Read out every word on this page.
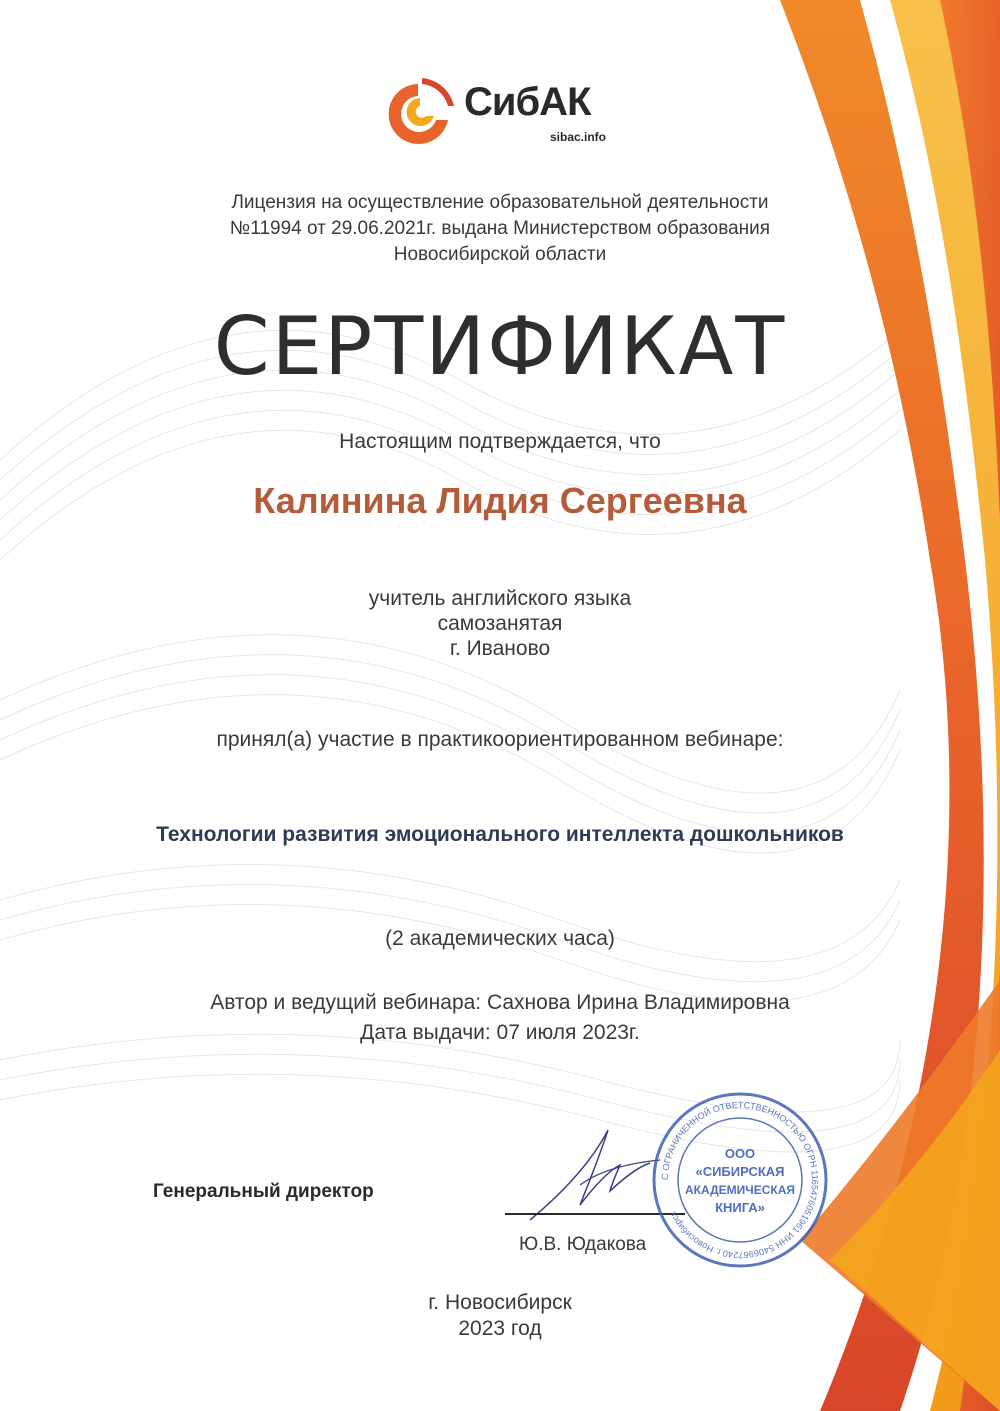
СибАК
sibac.info
Лицензия на осуществление образовательной деятельности
№11994 от 29.06.2021г. выдана Министерством образования
Новосибирской области
СЕРТИФИКАТ
Настоящим подтверждается, что
Калинина Лидия Сергеевна
учитель английского языка
самозанятая
г. Иваново
принял(а) участие в практикоориентированном вебинаре:
Технологии развития эмоционального интеллекта дошкольников
(2 академических часа)
Автор и ведущий вебинара: Сахнова Ирина Владимировна
Дата выдачи: 07 июля 2023г.
Генеральный директор
Ю.В. Юдакова
С ОГРАНИЧЕННОЙ ОТВЕТСТВЕННОСТЬЮ ОГРН 1165476051961 ИНН 5406967240 г. Новосибирск
ООО
«СИБИРСКАЯ
АКАДЕМИЧЕСКАЯ
КНИГА»
г. Новосибирск
2023 год
